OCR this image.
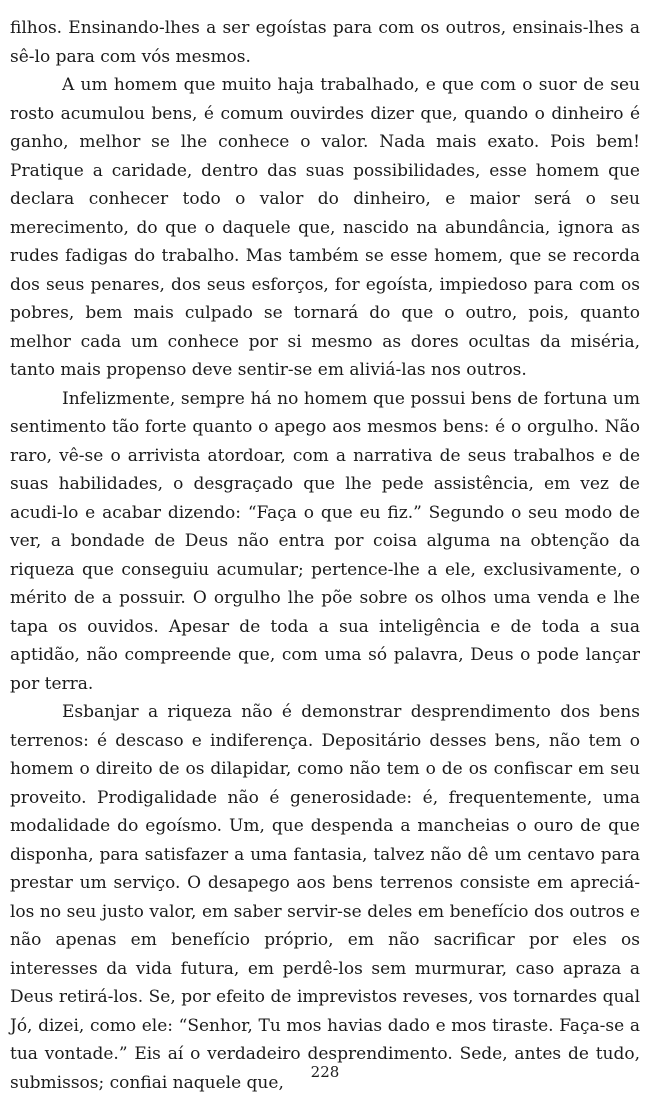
filhos. Ensinando-lhes a ser egoístas para com os outros, ensinais-lhes a sê-lo para com vós mesmos.

A um homem que muito haja trabalhado, e que com o suor de seu rosto acumulou bens, é comum ouvirdes dizer que, quando o dinheiro é ganho, melhor se lhe conhece o valor. Nada mais exato. Pois bem! Pratique a caridade, dentro das suas possibilidades, esse homem que declara conhecer todo o valor do dinheiro, e maior será o seu merecimento, do que o daquele que, nascido na abundância, ignora as rudes fadigas do trabalho. Mas também se esse homem, que se recorda dos seus penares, dos seus esforços, for egoísta, impiedoso para com os pobres, bem mais culpado se tornará do que o outro, pois, quanto melhor cada um conhece por si mesmo as dores ocultas da miséria, tanto mais propenso deve sentir-se em aliviá-las nos outros.

Infelizmente, sempre há no homem que possui bens de fortuna um sentimento tão forte quanto o apego aos mesmos bens: é o orgulho. Não raro, vê-se o arrivista atordoar, com a narrativa de seus trabalhos e de suas habilidades, o desgraçado que lhe pede assistência, em vez de acudi-lo e acabar dizendo: “Faça o que eu fiz.” Segundo o seu modo de ver, a bondade de Deus não entra por coisa alguma na obtenção da riqueza que conseguiu acumular; pertence-lhe a ele, exclusivamente, o mérito de a possuir. O orgulho lhe põe sobre os olhos uma venda e lhe tapa os ouvidos. Apesar de toda a sua inteligência e de toda a sua aptidão, não compreende que, com uma só palavra, Deus o pode lançar por terra.

Esbanjar a riqueza não é demonstrar desprendimento dos bens terrenos: é descaso e indiferença. Depositário desses bens, não tem o homem o direito de os dilapidar, como não tem o de os confiscar em seu proveito. Prodigalidade não é generosidade: é, frequentemente, uma modalidade do egoísmo. Um, que despenda a mancheias o ouro de que disponha, para satisfazer a uma fantasia, talvez não dê um centavo para prestar um serviço. O desapego aos bens terrenos consiste em apreciá-los no seu justo valor, em saber servir-se deles em benefício dos outros e não apenas em benefício próprio, em não sacrificar por eles os interesses da vida futura, em perdê-los sem murmurar, caso apraza a Deus retirá-los. Se, por efeito de imprevistos reveses, vos tornardes qual Jó, dizei, como ele: “Senhor, Tu mos havias dado e mos tiraste. Faça-se a tua vontade.” Eis aí o verdadeiro desprendimento. Sede, antes de tudo, submissos; confiai naquele que,

228
